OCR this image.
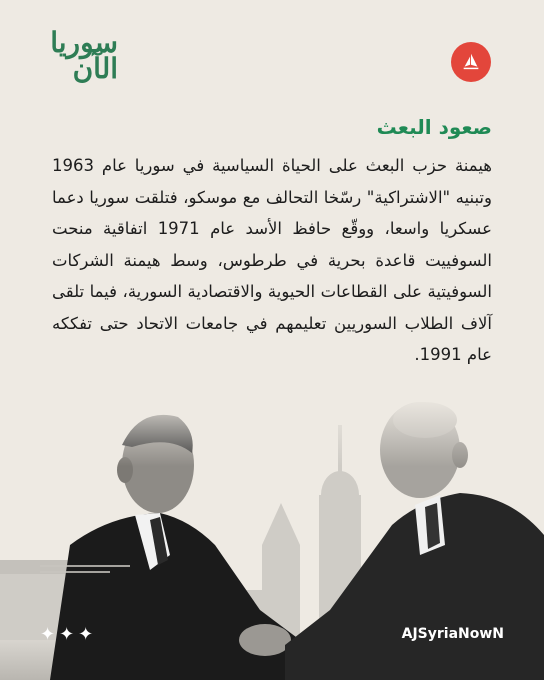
سوريا
الآن
صعود البعث
هيمنة حزب البعث على الحياة السياسية في سوريا عام 1963 وتبنيه "الاشتراكية" رسّخا التحالف مع موسكو، فتلقت سوريا دعما عسكريا واسعا، ووقّع حافظ الأسد عام 1971 اتفاقية منحت السوفييت قاعدة بحرية في طرطوس، وسط هيمنة الشركات السوفيتية على القطاعات الحيوية والاقتصادية السورية، فيما تلقى آلاف الطلاب السوريين تعليمهم في جامعات الاتحاد حتى تفككه عام 1991.
✦✦✦	AJSyriaNowN
